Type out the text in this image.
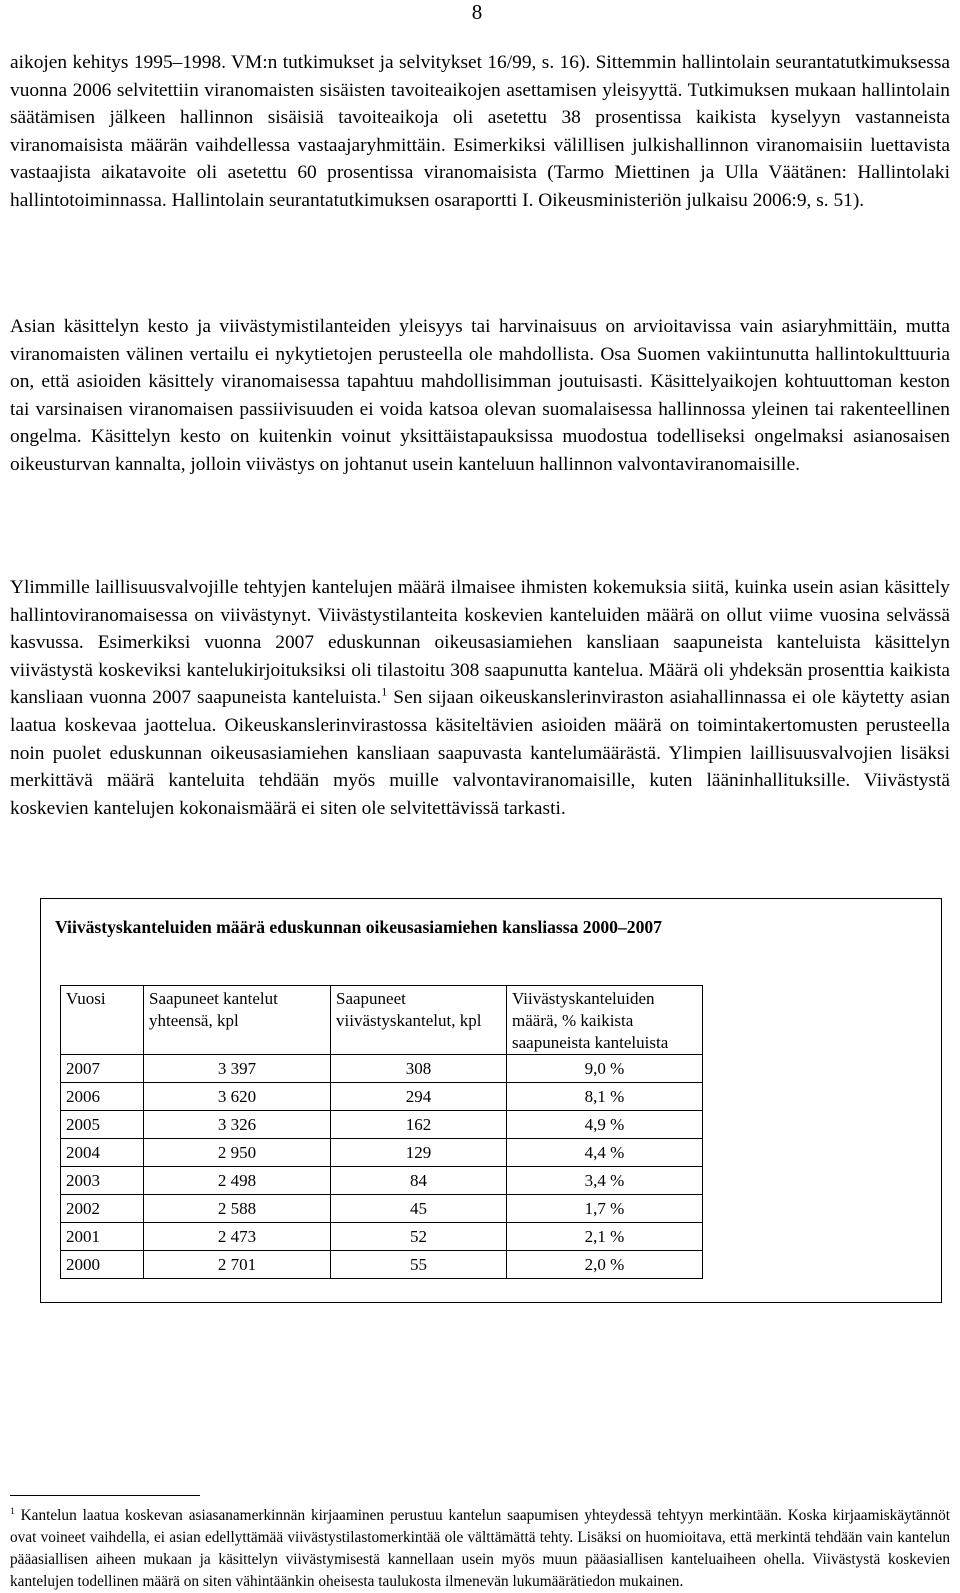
8

aikojen kehitys 1995–1998. VM:n tutkimukset ja selvitykset 16/99, s. 16). Sittemmin hallintolain seurantatutkimuksessa vuonna 2006 selvitettiin viranomaisten sisäisten tavoiteaikojen asettamisen yleisyyttä. Tutkimuksen mukaan hallintolain säätämisen jälkeen hallinnon sisäisiä tavoiteaikoja oli asetettu 38 prosentissa kaikista kyselyyn vastanneista viranomaisista määrän vaihdellessa vastaajaryhmittäin. Esimerkiksi välillisen julkishallinnon viranomaisiin luettavista vastaajista aikatavoite oli asetettu 60 prosentissa viranomaisista (Tarmo Miettinen ja Ulla Väätänen: Hallintolaki hallintotoiminnassa. Hallintolain seurantatutkimuksen osaraportti I. Oikeusministeriön julkaisu 2006:9, s. 51).

Asian käsittelyn kesto ja viivästymistilanteiden yleisyys tai harvinaisuus on arvioitavissa vain asiaryhmittäin, mutta viranomaisten välinen vertailu ei nykytietojen perusteella ole mahdollista. Osa Suomen vakiintunutta hallintokulttuuria on, että asioiden käsittely viranomaisessa tapahtuu mahdollisimman joutuisasti. Käsittelyaikojen kohtuuttoman keston tai varsinaisen viranomaisen passiivisuuden ei voida katsoa olevan suomalaisessa hallinnossa yleinen tai rakenteellinen ongelma. Käsittelyn kesto on kuitenkin voinut yksittäistapauksissa muodostua todelliseksi ongelmaksi asianosaisen oikeusturvan kannalta, jolloin viivästys on johtanut usein kanteluun hallinnon valvontaviranomaisille.

Ylimmille laillisuusvalvojille tehtyjen kantelujen määrä ilmaisee ihmisten kokemuksia siitä, kuinka usein asian käsittely hallintoviranomaisessa on viivästynyt. Viivästystilanteita koskevien kanteluiden määrä on ollut viime vuosina selvässä kasvussa. Esimerkiksi vuonna 2007 eduskunnan oikeusasiamiehen kansliaan saapuneista kanteluista käsittelyn viivästystä koskeviksi kantelukirjoituksiksi oli tilastoitu 308 saapunutta kantelua. Määrä oli yhdeksän prosenttia kaikista kansliaan vuonna 2007 saapuneista kanteluista.$^1$ Sen sijaan oikeuskanslerinviraston asiahallinnassa ei ole käytetty asian laatua koskevaa jaottelua. Oikeuskanslerinvirastossa käsiteltävien asioiden määrä on toimintakertomusten perusteella noin puolet eduskunnan oikeusasiamiehen kansliaan saapuvasta kantelumäärästä. Ylimpien laillisuusvalvojien lisäksi merkittävä määrä kanteluita tehdään myös muille valvontaviranomaisille, kuten lääninhallituksille. Viivästystä koskevien kantelujen kokonaismäärä ei siten ole selvitettävissä tarkasti.

Viivästyskanteluiden määrä eduskunnan oikeusasiamiehen kansliassa 2000–2007

Vuosi	Saapuneet kantelut yhteensä, kpl	Saapuneet viivästyskantelut, kpl	Viivästyskanteluiden määrä, % kaikista saapuneista kanteluista
2007	3 397	308	9,0 %
2006	3 620	294	8,1 %
2005	3 326	162	4,9 %
2004	2 950	129	4,4 %
2003	2 498	84	3,4 %
2002	2 588	45	1,7 %
2001	2 473	52	2,1 %
2000	2 701	55	2,0 %

$^1$ Kantelun laatua koskevan asiasanamerkinnän kirjaaminen perustuu kantelun saapumisen yhteydessä tehtyyn merkintään. Koska kirjaamiskäytännöt ovat voineet vaihdella, ei asian edellyttämää viivästystilastomerkintää ole välttämättä tehty. Lisäksi on huomioitava, että merkintä tehdään vain kantelun pääasiallisen aiheen mukaan ja käsittelyn viivästymisestä kannellaan usein myös muun pääasiallisen kanteluaiheen ohella. Viivästystä koskevien kantelujen todellinen määrä on siten vähintäänkin oheisesta taulukosta ilmenevän lukumäärätiedon mukainen.
